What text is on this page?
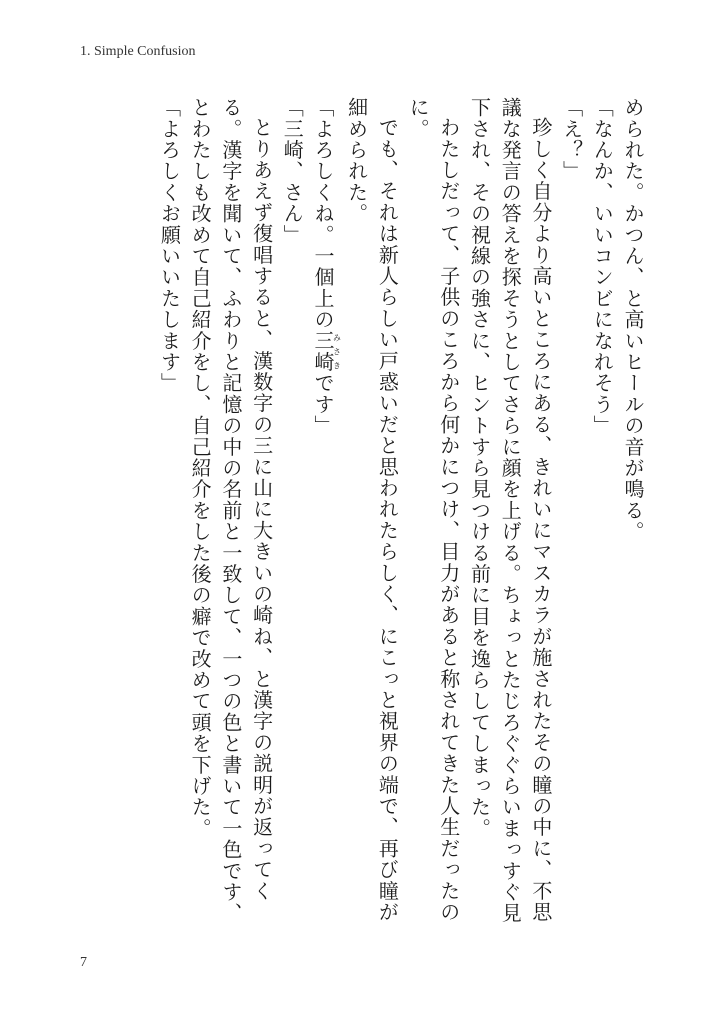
1. Simple Confusion

められた。かつん、と高いヒールの音が鳴る。

「なんか、いいコンビになれそう」

「え？」

珍しく自分より高いところにある、きれいにマスカラが施されたその瞳の中に、不思議な発言の答えを探そうとしてさらに顔を上げる。ちょっとたじろぐぐらいまっすぐ見下され、その視線の強さに、ヒントすら見つける前に目を逸らしてしまった。

わたしだって、子供のころから何かにつけ、目力があると称されてきた人生だったのに。

でも、それは新人らしい戸惑いだと思われたらしく、にこっと視界の端で、再び瞳が細められた。

「よろしくね。一個上の三崎みさきです」

「三崎、さん」

とりあえず復唱すると、漢数字の三に山に大きいの崎ね、と漢字の説明が返ってくる。漢字を聞いて、ふわりと記憶の中の名前と一致して、一つの色と書いて一色です、とわたしも改めて自己紹介をし、自己紹介をした後の癖で改めて頭を下げた。

「よろしくお願いいたします」

7
